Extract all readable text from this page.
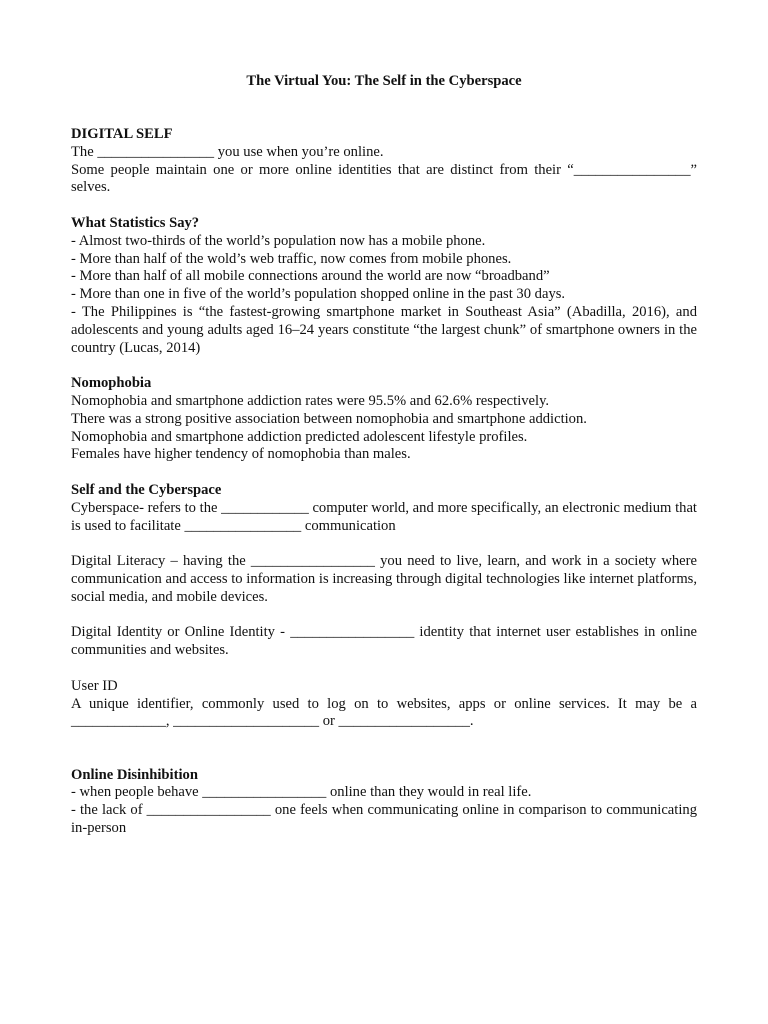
The Virtual You: The Self in the Cyberspace
DIGITAL SELF
The ________________ you use when you’re online.
Some people maintain one or more online identities that are distinct from their “________________” selves.
What Statistics Say?
- Almost two-thirds of the world’s population now has a mobile phone.
- More than half of the wold’s web traffic, now comes from mobile phones.
- More than half of all mobile connections around the world are now “broadband”
- More than one in five of the world’s population shopped online in the past 30 days.
- The Philippines is “the fastest-growing smartphone market in Southeast Asia” (Abadilla, 2016), and adolescents and young adults aged 16–24 years constitute “the largest chunk” of smartphone owners in the country (Lucas, 2014)
Nomophobia
Nomophobia and smartphone addiction rates were 95.5% and 62.6% respectively.
There was a strong positive association between nomophobia and smartphone addiction.
Nomophobia and smartphone addiction predicted adolescent lifestyle profiles.
Females have higher tendency of nomophobia than males.
Self and the Cyberspace
Cyberspace- refers to the ____________ computer world, and more specifically, an electronic medium that is used to facilitate ________________ communication
Digital Literacy – having the _________________ you need to live, learn, and work in a society where communication and access to information is increasing through digital technologies like internet platforms, social media, and mobile devices.
Digital Identity or Online Identity - _________________ identity that internet user establishes in online communities and websites.
User ID
A unique identifier, commonly used to log on to websites, apps or online services. It may be a _____________, ____________________ or __________________.
Online Disinhibition
- when people behave _________________ online than they would in real life.
- the lack of _________________ one feels when communicating online in comparison to communicating in-person
